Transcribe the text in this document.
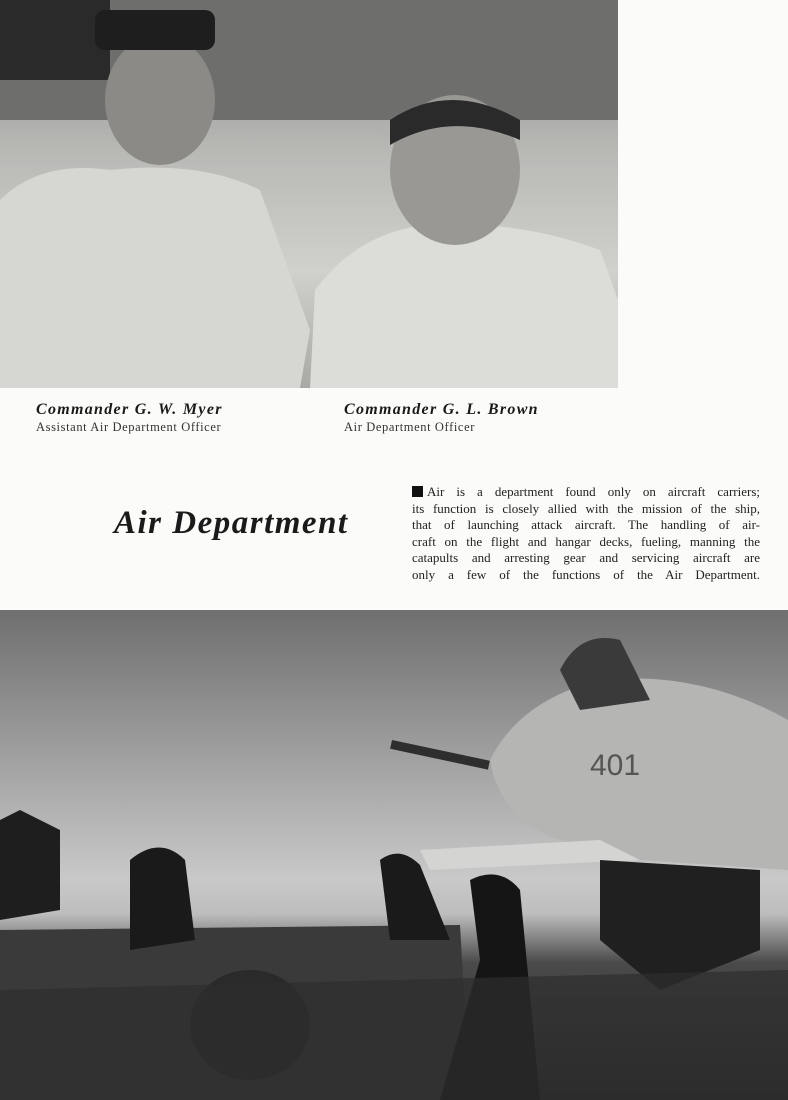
Commander G. W. Myer
Assistant Air Department Officer
Commander G. L. Brown
Air Department Officer
Air Department
Air is a department found only on aircraft carriers;
its function is closely allied with the mission of the ship,
that of launching attack aircraft. The handling of air-
craft on the flight and hangar decks, fueling, manning the
catapults and arresting gear and servicing aircraft are
only a few of the functions of the Air Department.
401
